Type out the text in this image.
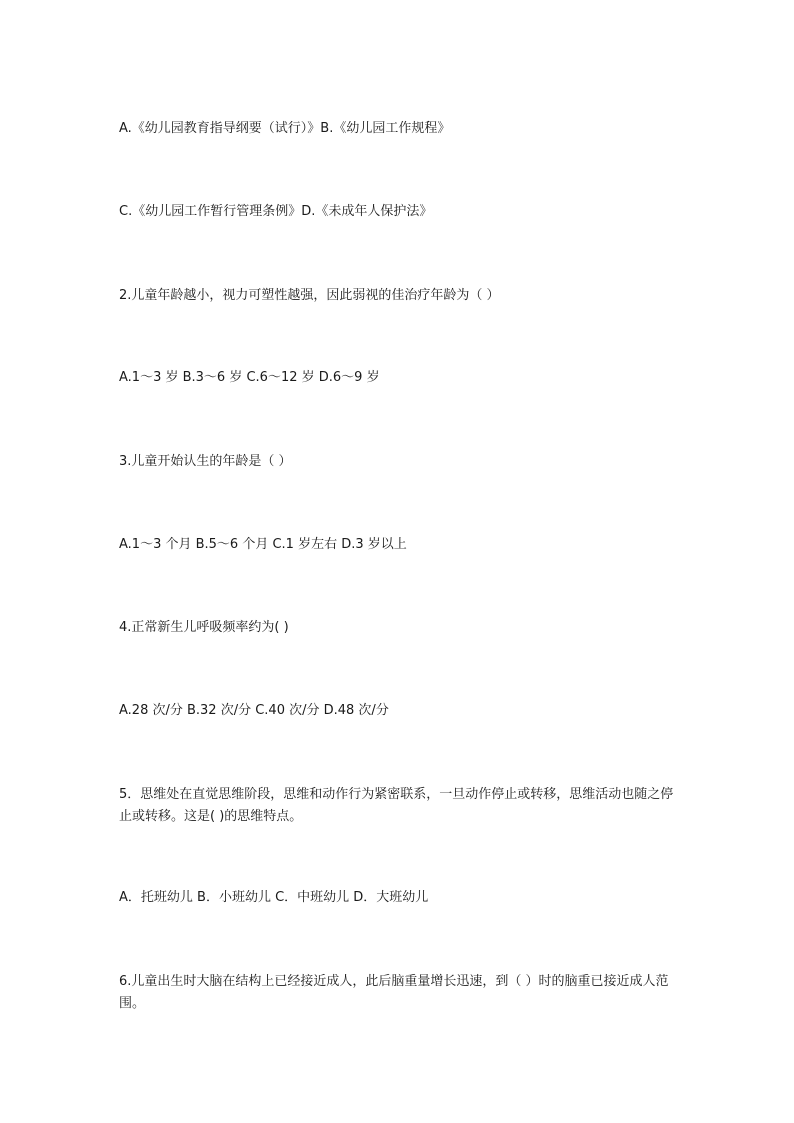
A.《幼儿园教育指导纲要（试行）》B.《幼儿园工作规程》
C.《幼儿园工作暂行管理条例》D.《未成年人保护法》
2.儿童年龄越小，视力可塑性越强，因此弱视的佳治疗年龄为（ ）
A.1～3 岁 B.3～6 岁 C.6～12 岁 D.6～9 岁
3.儿童开始认生的年龄是（ ）
A.1～3 个月 B.5～6 个月 C.1 岁左右 D.3 岁以上
4.正常新生儿呼吸频率约为( )
A.28 次/分 B.32 次/分 C.40 次/分 D.48 次/分
5．思维处在直觉思维阶段，思维和动作行为紧密联系，一旦动作停止或转移，思维活动也随之停止或转移。这是( )的思维特点。
A．托班幼儿 B．小班幼儿 C．中班幼儿 D．大班幼儿
6.儿童出生时大脑在结构上已经接近成人，此后脑重量增长迅速，到（ ）时的脑重已接近成人范围。
